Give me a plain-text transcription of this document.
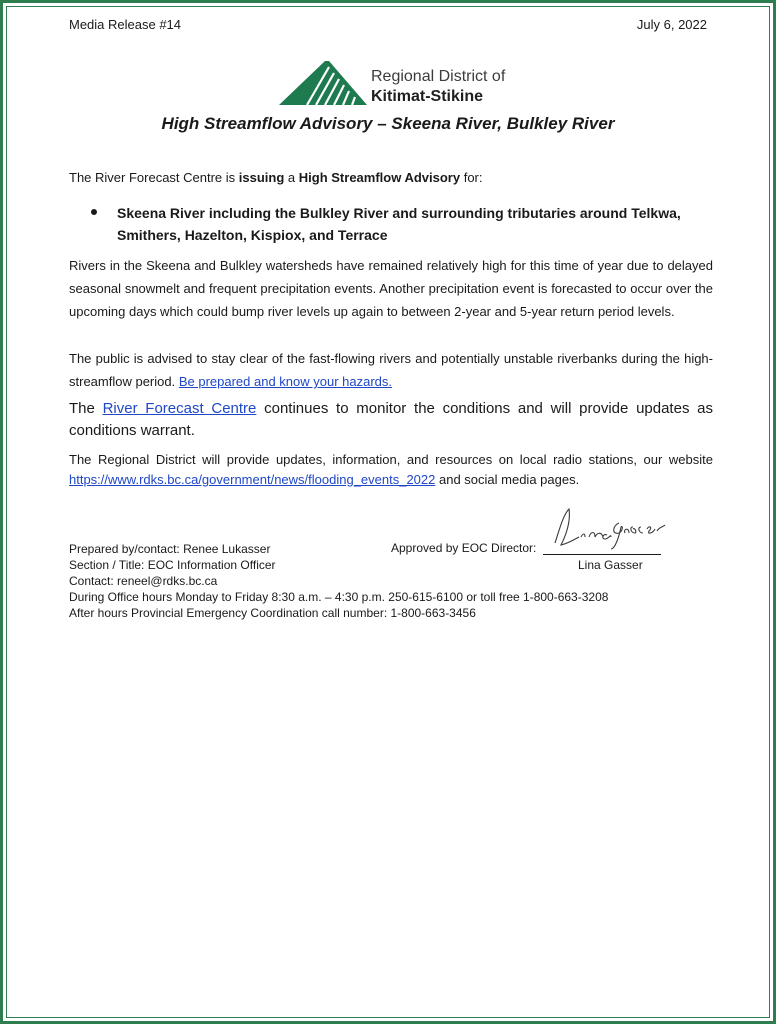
Media Release #14	July 6, 2022
Regional District of
Kitimat-Stikine
High Streamflow Advisory – Skeena River, Bulkley River
The River Forecast Centre is issuing a High Streamflow Advisory for:
Skeena River including the Bulkley River and surrounding tributaries around Telkwa, Smithers, Hazelton, Kispiox, and Terrace
Rivers in the Skeena and Bulkley watersheds have remained relatively high for this time of year due to delayed seasonal snowmelt and frequent precipitation events. Another precipitation event is forecasted to occur over the upcoming days which could bump river levels up again to between 2-year and 5-year return period levels.
The public is advised to stay clear of the fast-flowing rivers and potentially unstable riverbanks during the high-streamflow period. Be prepared and know your hazards.
The River Forecast Centre continues to monitor the conditions and will provide updates as conditions warrant.
The Regional District will provide updates, information, and resources on local radio stations, our website https://www.rdks.bc.ca/government/news/flooding_events_2022 and social media pages.
Prepared by/contact: Renee Lukasser
Section / Title: EOC Information Officer
Contact: reneel@rdks.bc.ca
During Office hours Monday to Friday 8:30 a.m. – 4:30 p.m. 250-615-6100 or toll free 1-800-663-3208
After hours Provincial Emergency Coordination call number: 1-800-663-3456
Approved by EOC Director:
Lina Gasser
